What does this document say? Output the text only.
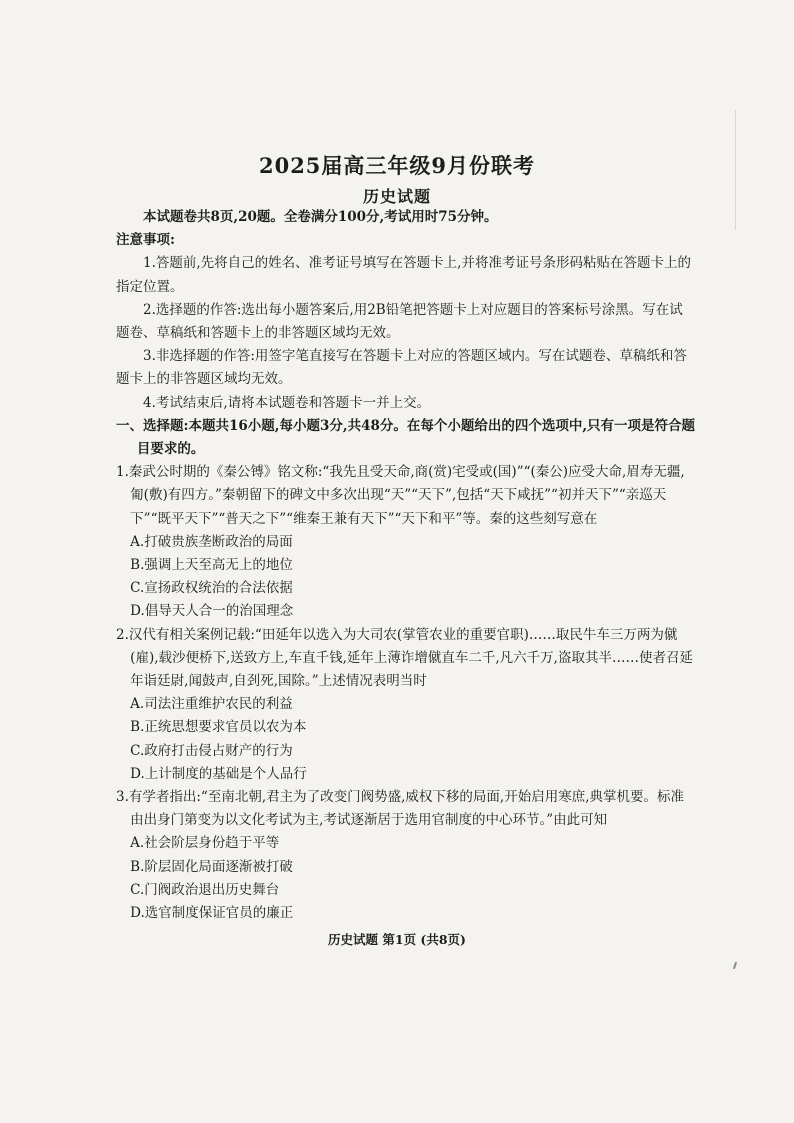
2025届高三年级9月份联考
历史试题

本试题卷共8页,20题。全卷满分100分,考试用时75分钟。

注意事项:

1.答题前,先将自己的姓名、准考证号填写在答题卡上,并将准考证号条形码粘贴在答题卡上的指定位置。

2.选择题的作答:选出每小题答案后,用2B铅笔把答题卡上对应题目的答案标号涂黑。写在试题卷、草稿纸和答题卡上的非答题区域均无效。

3.非选择题的作答:用签字笔直接写在答题卡上对应的答题区域内。写在试题卷、草稿纸和答题卡上的非答题区域均无效。

4.考试结束后,请将本试题卷和答题卡一并上交。

一、选择题:本题共16小题,每小题3分,共48分。在每个小题给出的四个选项中,只有一项是符合题目要求的。

1.秦武公时期的《秦公镈》铭文称:“我先且受天命,商(赏)宅受或(国)”“(秦公)应受大命,眉寿无疆,匍(敷)有四方。”秦朝留下的碑文中多次出现“天”“天下”,包括“天下咸抚”“初并天下”“亲巡天下”“既平天下”“普天之下”“维秦王兼有天下”“天下和平”等。秦的这些刻写意在

A.打破贵族垄断政治的局面

B.强调上天至高无上的地位

C.宣扬政权统治的合法依据

D.倡导天人合一的治国理念

2.汉代有相关案例记载:“田延年以选入为大司农(掌管农业的重要官职)……取民牛车三万两为僦(雇),载沙便桥下,送致方上,车直千钱,延年上薄诈增僦直车二千,凡六千万,盗取其半……使者召延年诣廷尉,闻鼓声,自刭死,国除。”上述情况表明当时

A.司法注重维护农民的利益

B.正统思想要求官员以农为本

C.政府打击侵占财产的行为

D.上计制度的基础是个人品行

3.有学者指出:“至南北朝,君主为了改变门阀势盛,威权下移的局面,开始启用寒庶,典掌机要。标准由出身门第变为以文化考试为主,考试逐渐居于选用官制度的中心环节。”由此可知

A.社会阶层身份趋于平等

B.阶层固化局面逐渐被打破

C.门阀政治退出历史舞台

D.选官制度保证官员的廉正

历史试题 第1页 (共8页)
